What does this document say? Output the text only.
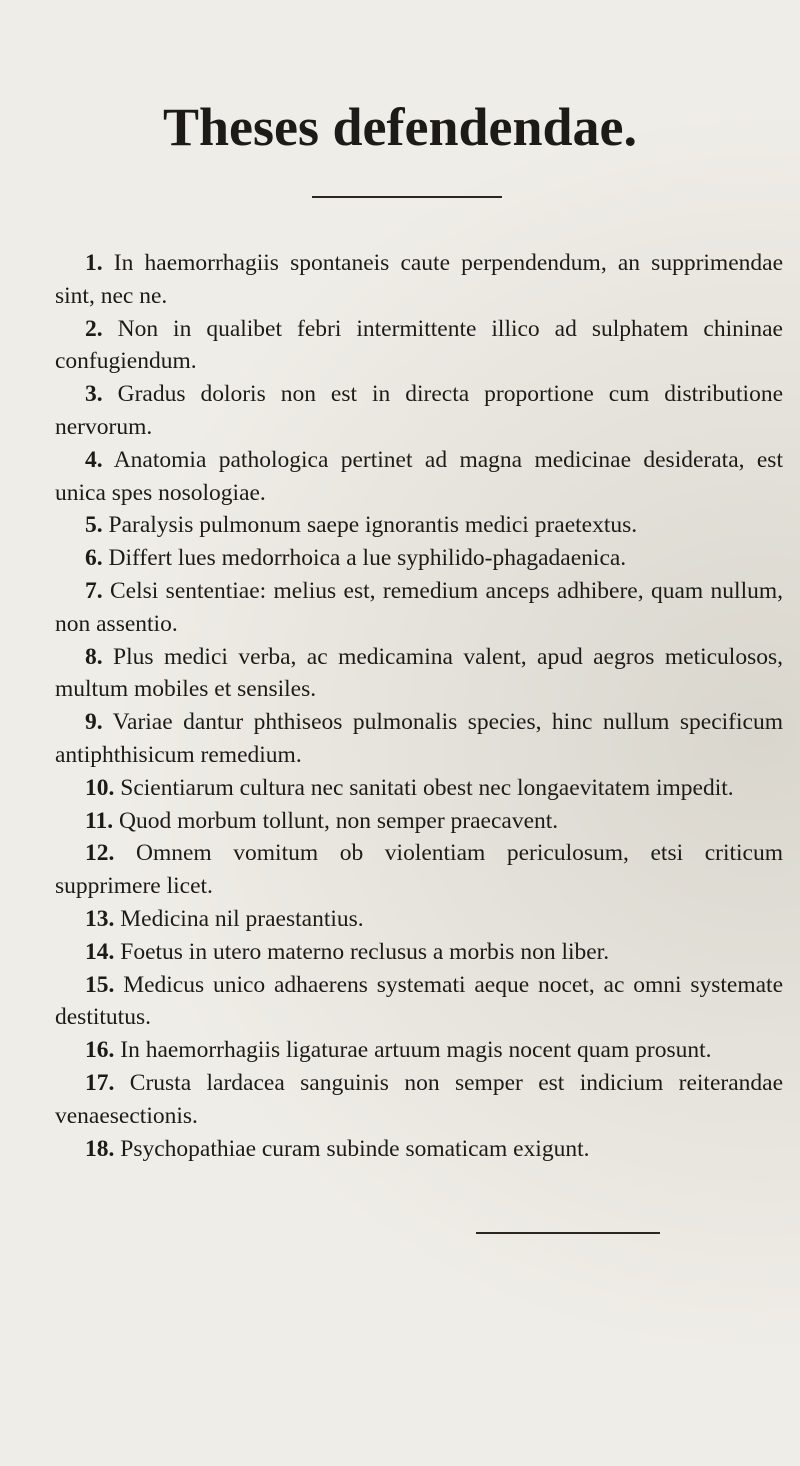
Theses defendendae.

1. In haemorrhagiis spontaneis caute perpendendum, an supprimendae sint, nec ne.

2. Non in qualibet febri intermittente illico ad sulphatem chininae confugiendum.

3. Gradus doloris non est in directa proportione cum distributione nervorum.

4. Anatomia pathologica pertinet ad magna medicinae desiderata, est unica spes nosologiae.

5. Paralysis pulmonum saepe ignorantis medici praetextus.

6. Differt lues medorrhoica a lue syphilido-phagadaenica.

7. Celsi sententiae: melius est, remedium anceps adhibere, quam nullum, non assentio.

8. Plus medici verba, ac medicamina valent, apud aegros meticulosos, multum mobiles et sensiles.

9. Variae dantur phthiseos pulmonalis species, hinc nullum specificum antiphthisicum remedium.

10. Scientiarum cultura nec sanitati obest nec longaevitatem impedit.

11. Quod morbum tollunt, non semper praecavent.

12. Omnem vomitum ob violentiam periculosum, etsi criticum supprimere licet.

13. Medicina nil praestantius.

14. Foetus in utero materno reclusus a morbis non liber.

15. Medicus unico adhaerens systemati aeque nocet, ac omni systemate destitutus.

16. In haemorrhagiis ligaturae artuum magis nocent quam prosunt.

17. Crusta lardacea sanguinis non semper est indicium reiterandae venaesectionis.

18. Psychopathiae curam subinde somaticam exigunt.
